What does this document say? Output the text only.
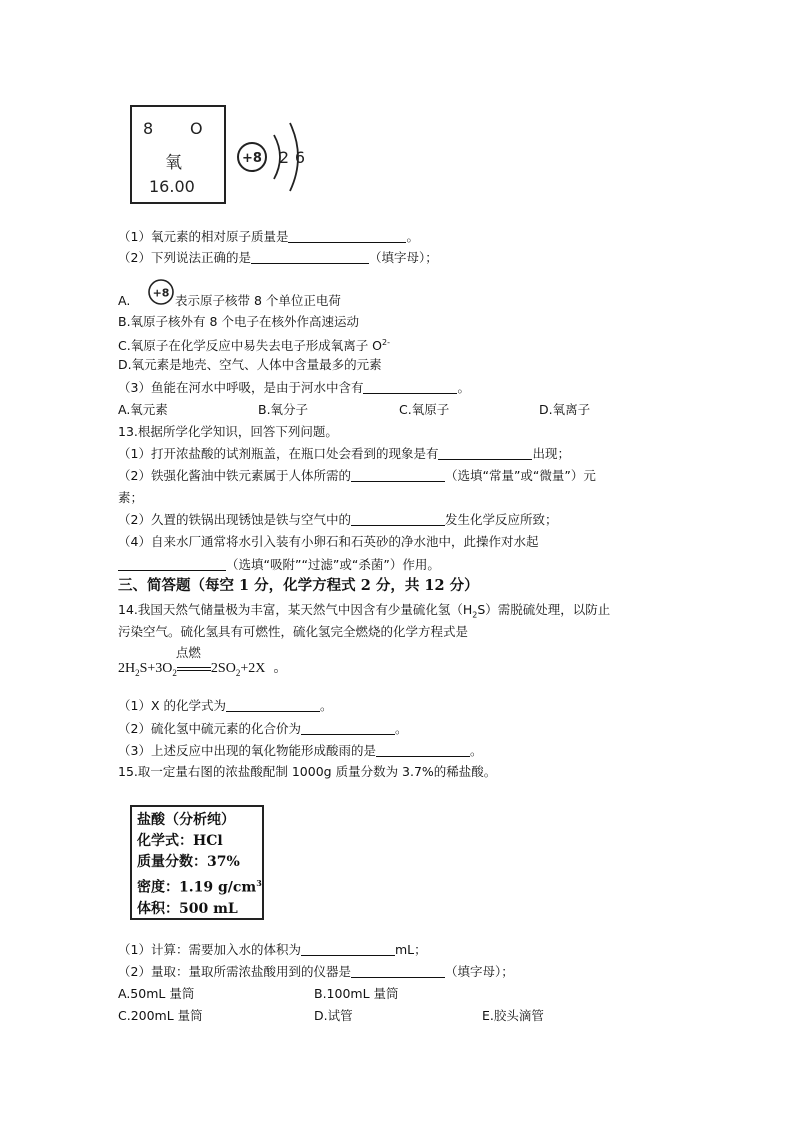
8 O
氧
16.00
+8 2 6
（1）氧元素的相对原子质量是	。
（2）下列说法正确的是	（填字母）；
A. +8 表示原子核带 8 个单位正电荷
B.氧原子核外有 8 个电子在核外作高速运动
C.氧原子在化学反应中易失去电子形成氧离子 $O^{2-}$
D.氧元素是地壳、空气、人体中含量最多的元素
（3）鱼能在河水中呼吸，是由于河水中含有	。
A.氧元素	B.氧分子	C.氧原子	D.氧离子
13.根据所学化学知识，回答下列问题。
（1）打开浓盐酸的试剂瓶盖，在瓶口处会看到的现象是有	出现；
（2）铁强化酱油中铁元素属于人体所需的	（选填“常量”或“微量”）元
素；
（2）久置的铁锅出现锈蚀是铁与空气中的	发生化学反应所致；
（4）自来水厂通常将水引入装有小卵石和石英砂的净水池中，此操作对水起
（选填“吸附”“过滤”或“杀菌”）作用。
三、简答题（每空 1 分，化学方程式 2 分，共 12 分）
14.我国天然气储量极为丰富，某天然气中因含有少量硫化氢$(H_2S)$需脱硫处理，以防止
污染空气。硫化氢具有可燃性，硫化氢完全燃烧的化学方程式是
$2H_2S+3O_2$
点燃
$2SO_2+2X$ 。
（1）X 的化学式为	。
（2）硫化氢中硫元素的化合价为	。
（3）上述反应中出现的氧化物能形成酸雨的是	。
15.取一定量右图的浓盐酸配制 1000g 质量分数为 3.7%的稀盐酸。
盐酸（分析纯）
化学式：HCl
质量分数：37%
密度：1.19 $g/cm^3$
体积：500 mL
（1）计算：需要加入水的体积为	mL；
（2）量取：量取所需浓盐酸用到的仪器是	（填字母）；
A.50mL 量筒	B.100mL 量筒
C.200mL 量筒	D.试管	E.胶头滴管
